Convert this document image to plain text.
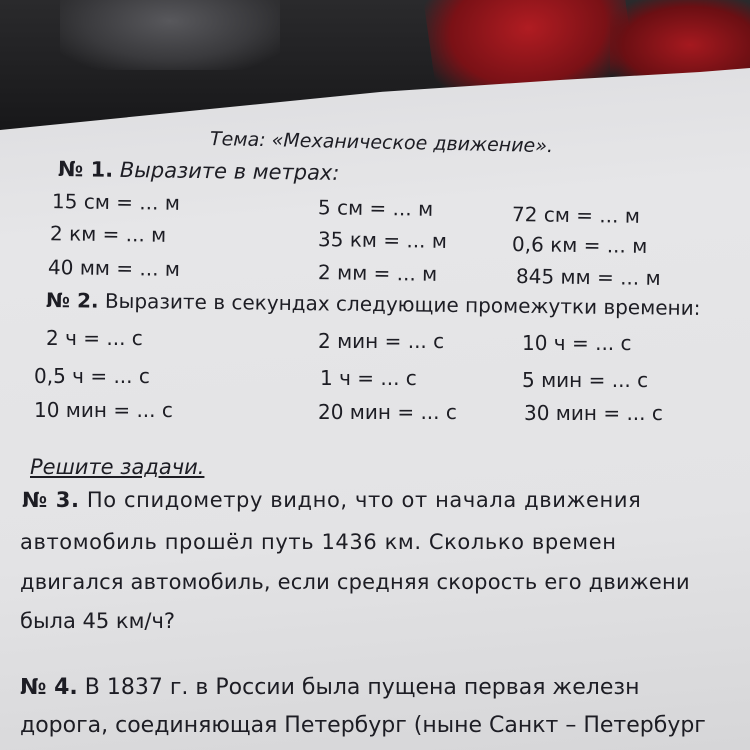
Тема: «Механическое движение».
№ 1. Выразите в метрах:
15 см = ... м	5 см = ... м	72 см = ... м
2 км = ... м	35 км = ... м	0,6 км = ... м
40 мм = ... м	2 мм = ... м	845 мм = ... м
№ 2. Выразите в секундах следующие промежутки времени:
2 ч = ... с	2 мин = ... с	10 ч = ... с
0,5 ч = ... с	1 ч = ... с	5 мин = ... с
10 мин = ... с	20 мин = ... с	30 мин = ... с
Решите задачи.
№ 3. По спидометру видно, что от начала движения
автомобиль прошёл путь 1436 км. Сколько времен
двигался автомобиль, если средняя скорость его движени
была 45 км/ч?
№ 4. В 1837 г. в России была пущена первая железн
дорога, соединяющая Петербург (ныне Санкт – Петербург
